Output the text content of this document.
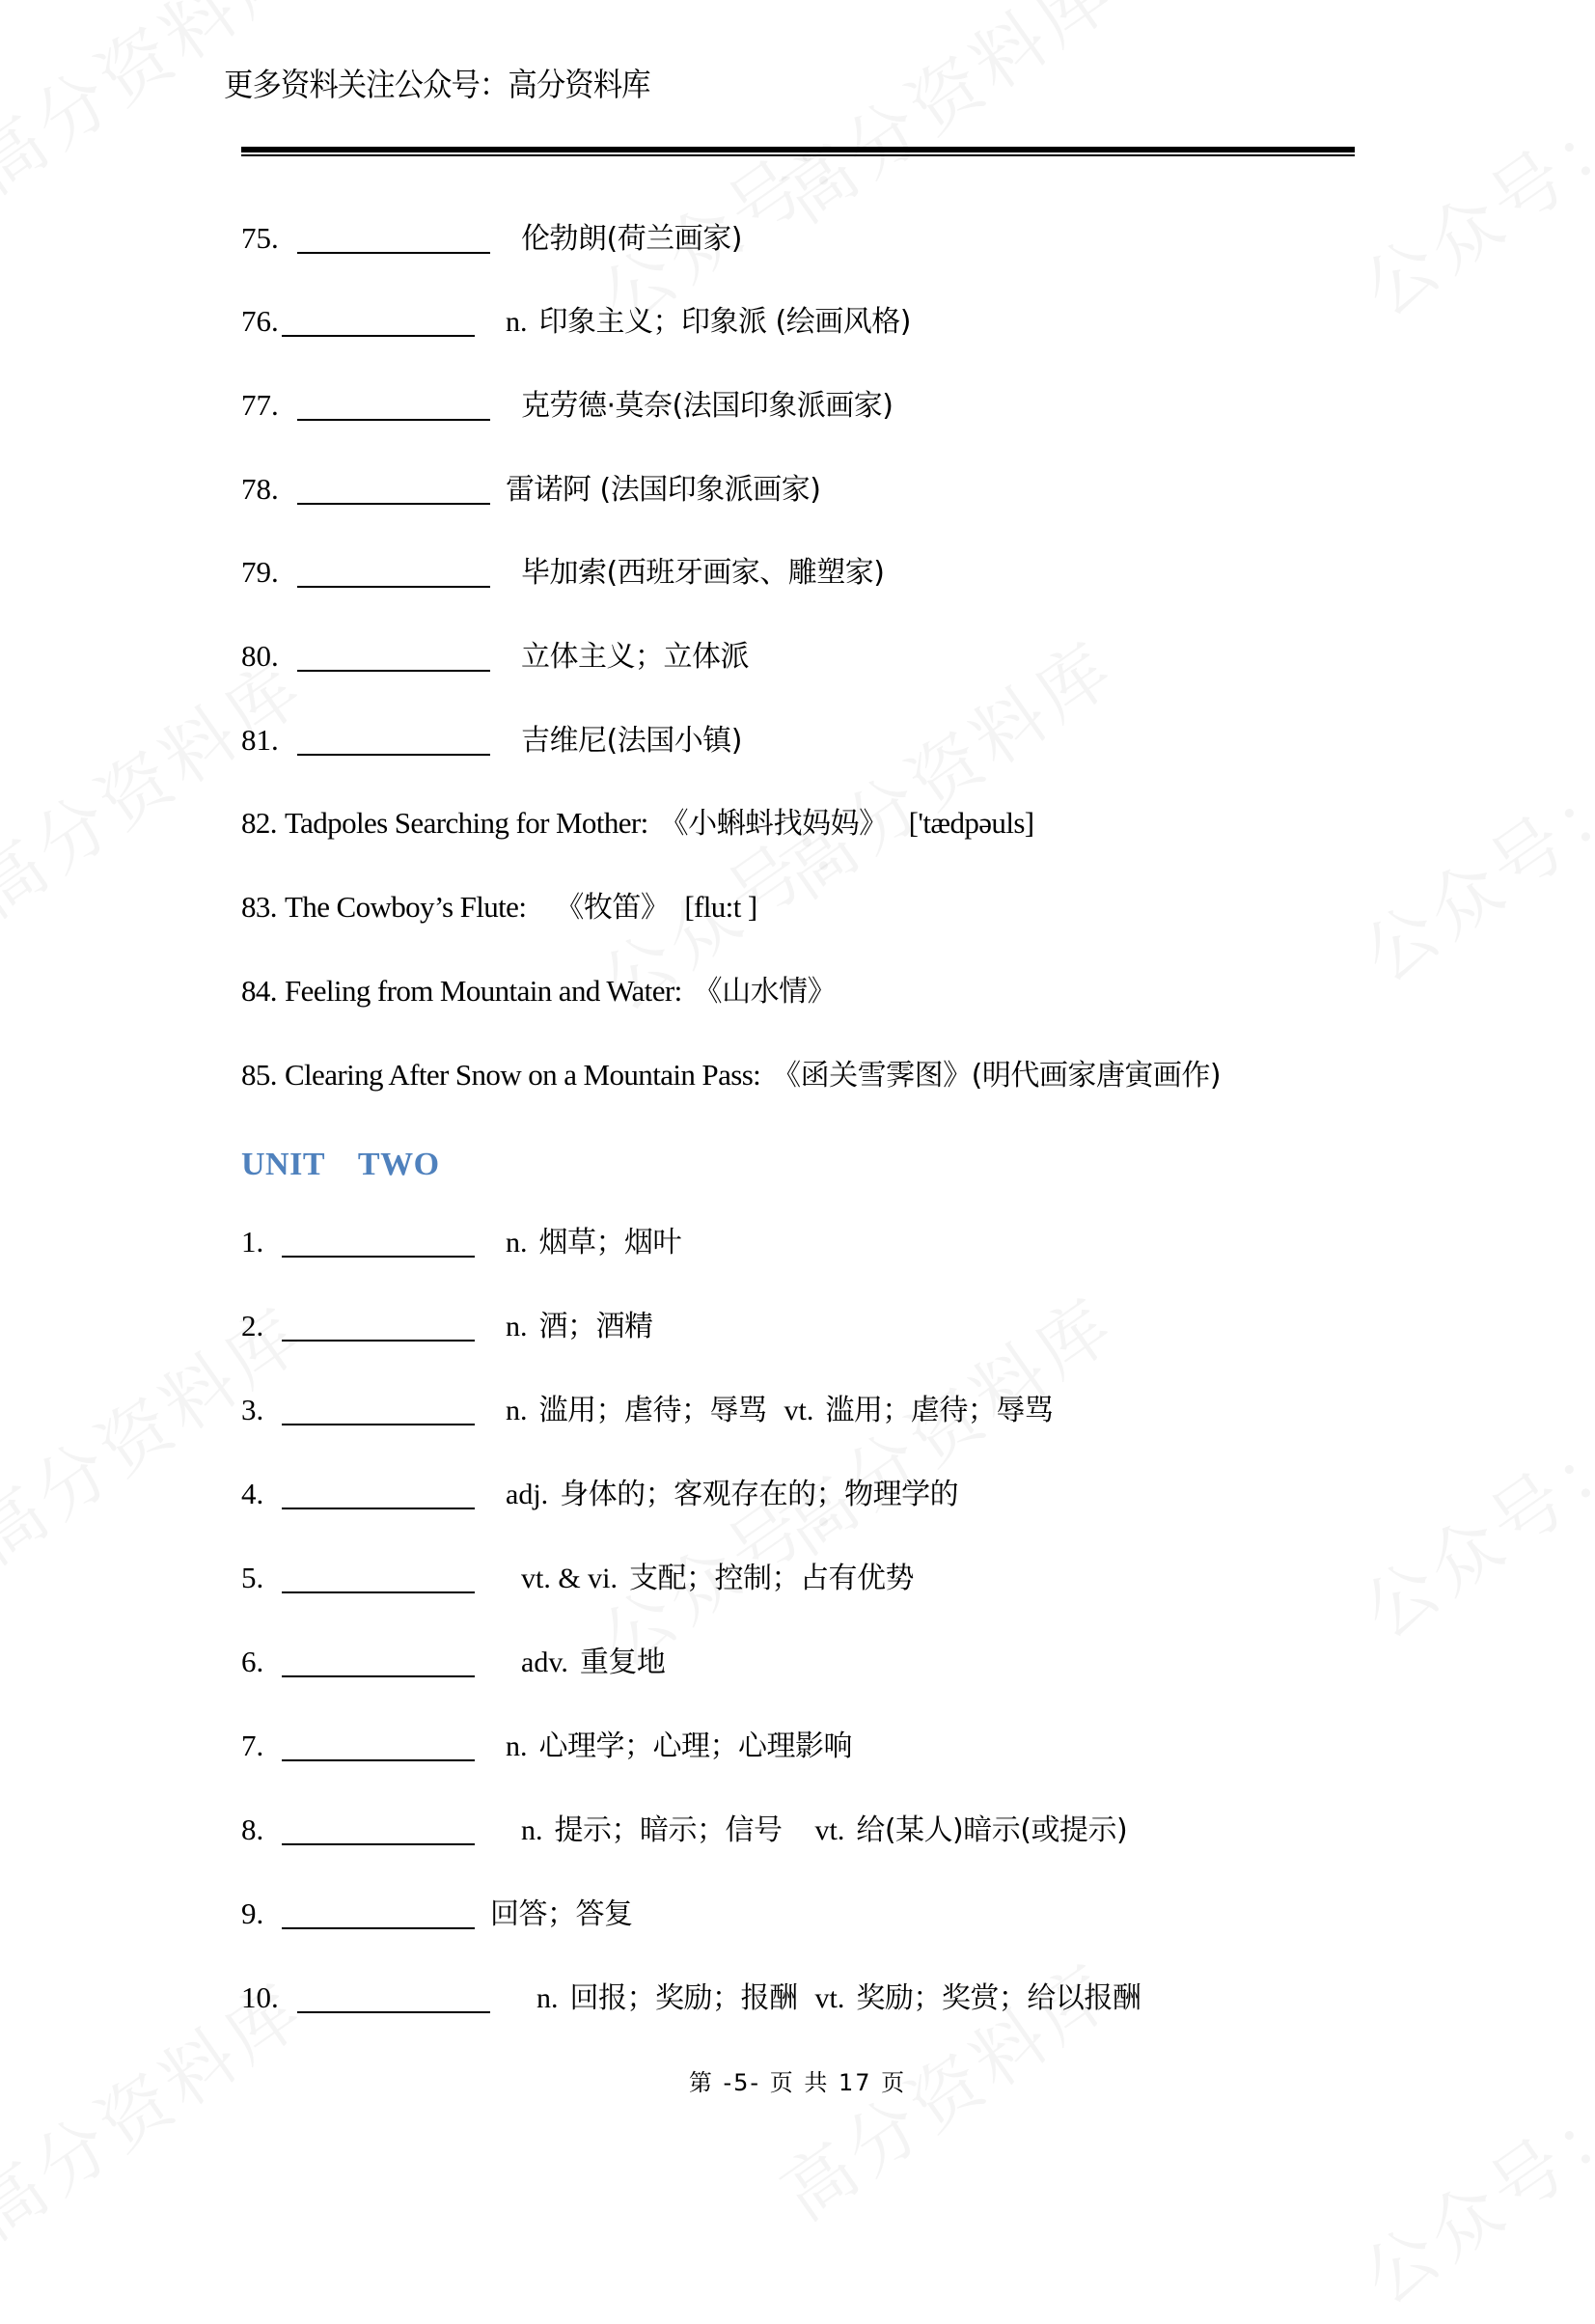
更多资料关注公众号：高分资料库
75.	伦勃朗(荷兰画家)
76.	n. 印象主义；印象派 (绘画风格)
77.	克劳德·莫奈(法国印象派画家)
78.	雷诺阿 (法国印象派画家)
79.	毕加索(西班牙画家、雕塑家)
80.	立体主义；立体派
81.	吉维尼(法国小镇)
82. Tadpoles Searching for Mother: 《小蝌蚪找妈妈》 ['tædpəuls]
83. The Cowboy’s Flute: 《牧笛》 [flu:t ]
84. Feeling from Mountain and Water: 《山水情》
85. Clearing After Snow on a Mountain Pass: 《函关雪霁图》 (明代画家唐寅画作)
UNIT　TWO
1.	n. 烟草；烟叶
2.	n. 酒；酒精
3.	n. 滥用；虐待；辱骂 vt. 滥用；虐待；辱骂
4.	adj. 身体的；客观存在的；物理学的
5.	vt. & vi. 支配；控制；占有优势
6.	adv. 重复地
7.	n. 心理学；心理；心理影响
8.	n. 提示；暗示；信号 vt. 给(某人)暗示(或提示)
9.	回答；答复
10.	n. 回报；奖励；报酬 vt. 奖励；奖赏；给以报酬
第 -5- 页 共 17 页
